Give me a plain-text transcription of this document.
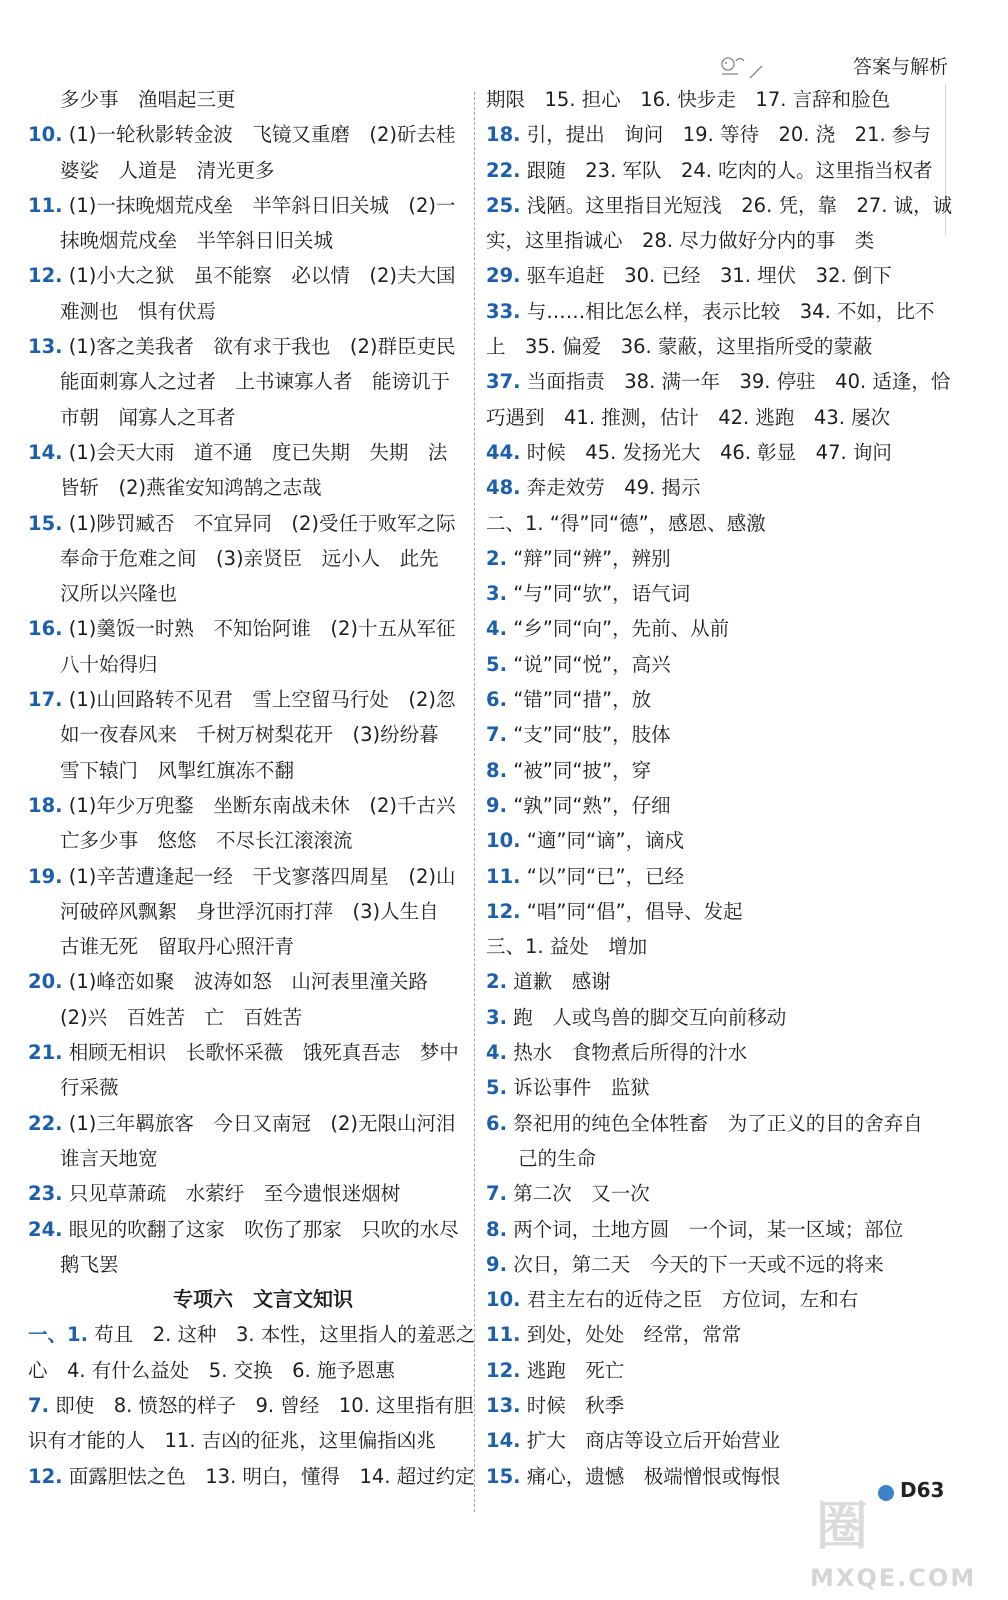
答案与解析
多少事　渔唱起三更
10. (1)一轮秋影转金波　飞镜又重磨　(2)斫去桂
婆娑　人道是　清光更多
11. (1)一抹晚烟荒戍垒　半竿斜日旧关城　(2)一
抹晚烟荒戍垒　半竿斜日旧关城
12. (1)小大之狱　虽不能察　必以情　(2)夫大国
难测也　惧有伏焉
13. (1)客之美我者　欲有求于我也　(2)群臣吏民
能面刺寡人之过者　上书谏寡人者　能谤讥于
市朝　闻寡人之耳者
14. (1)会天大雨　道不通　度已失期　失期　法
皆斩　(2)燕雀安知鸿鹄之志哉
15. (1)陟罚臧否　不宜异同　(2)受任于败军之际
奉命于危难之间　(3)亲贤臣　远小人　此先
汉所以兴隆也
16. (1)羹饭一时熟　不知饴阿谁　(2)十五从军征
八十始得归
17. (1)山回路转不见君　雪上空留马行处　(2)忽
如一夜春风来　千树万树梨花开　(3)纷纷暮
雪下辕门　风掣红旗冻不翻
18. (1)年少万兜鍪　坐断东南战未休　(2)千古兴
亡多少事　悠悠　不尽长江滚滚流
19. (1)辛苦遭逢起一经　干戈寥落四周星　(2)山
河破碎风飘絮　身世浮沉雨打萍　(3)人生自
古谁无死　留取丹心照汗青
20. (1)峰峦如聚　波涛如怒　山河表里潼关路
(2)兴　百姓苦　亡　百姓苦
21. 相顾无相识　长歌怀采薇　饿死真吾志　梦中
行采薇
22. (1)三年羁旅客　今日又南冠　(2)无限山河泪
谁言天地宽
23. 只见草萧疏　水萦纡　至今遗恨迷烟树
24. 眼见的吹翻了这家　吹伤了那家　只吹的水尽
鹅飞罢
专项六　文言文知识
一、1. 苟且　2. 这种　3. 本性，这里指人的羞恶之
心　4. 有什么益处　5. 交换　6. 施予恩惠
7. 即使　8. 愤怒的样子　9. 曾经　10. 这里指有胆
识有才能的人　11. 吉凶的征兆，这里偏指凶兆
12. 面露胆怯之色　13. 明白，懂得　14. 超过约定
期限　15. 担心　16. 快步走　17. 言辞和脸色
18. 引，提出　询问　19. 等待　20. 浇　21. 参与
22. 跟随　23. 军队　24. 吃肉的人。这里指当权者
25. 浅陋。这里指目光短浅　26. 凭，靠　27. 诚，诚
实，这里指诚心　28. 尽力做好分内的事　类
29. 驱车追赶　30. 已经　31. 埋伏　32. 倒下
33. 与……相比怎么样，表示比较　34. 不如，比不
上　35. 偏爱　36. 蒙蔽，这里指所受的蒙蔽
37. 当面指责　38. 满一年　39. 停驻　40. 适逢，恰
巧遇到　41. 推测，估计　42. 逃跑　43. 屡次
44. 时候　45. 发扬光大　46. 彰显　47. 询问
48. 奔走效劳　49. 揭示
二、1. “得”同“德”，感恩、感激
2. “辩”同“辨”，辨别
3. “与”同“欤”，语气词
4. “乡”同“向”，先前、从前
5. “说”同“悦”，高兴
6. “错”同“措”，放
7. “支”同“肢”，肢体
8. “被”同“披”，穿
9. “孰”同“熟”，仔细
10. “適”同“谪”，谪戍
11. “以”同“已”，已经
12. “唱”同“倡”，倡导、发起
三、1. 益处　增加
2. 道歉　感谢
3. 跑　人或鸟兽的脚交互向前移动
4. 热水　食物煮后所得的汁水
5. 诉讼事件　监狱
6. 祭祀用的纯色全体牲畜　为了正义的目的舍弃自
己的生命
7. 第二次　又一次
8. 两个词，土地方圆　一个词，某一区域；部位
9. 次日，第二天　今天的下一天或不远的将来
10. 君主左右的近侍之臣　方位词，左和右
11. 到处，处处　经常，常常
12. 逃跑　死亡
13. 时候　秋季
14. 扩大　商店等设立后开始营业
15. 痛心，遗憾　极端憎恨或悔恨
圈
MXQE.COM
D63
